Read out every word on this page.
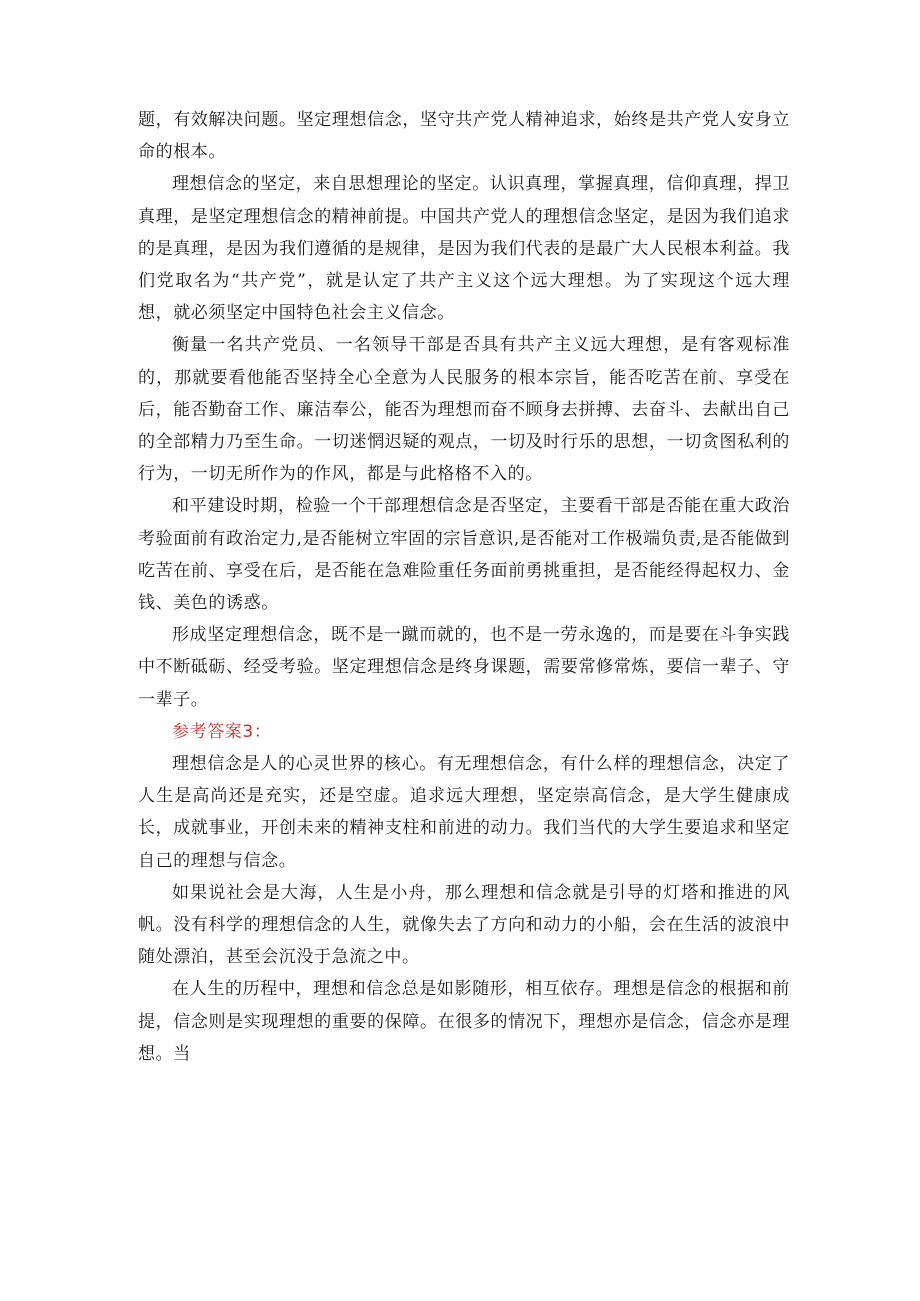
题，有效解决问题。坚定理想信念，坚守共产党人精神追求，始终是共产党人安身立命的根本。

理想信念的坚定，来自思想理论的坚定。认识真理，掌握真理，信仰真理，捍卫真理，是坚定理想信念的精神前提。中国共产党人的理想信念坚定，是因为我们追求的是真理，是因为我们遵循的是规律，是因为我们代表的是最广大人民根本利益。我们党取名为“共产党”，就是认定了共产主义这个远大理想。为了实现这个远大理想，就必须坚定中国特色社会主义信念。

衡量一名共产党员、一名领导干部是否具有共产主义远大理想，是有客观标准的，那就要看他能否坚持全心全意为人民服务的根本宗旨，能否吃苦在前、享受在后，能否勤奋工作、廉洁奉公，能否为理想而奋不顾身去拼搏、去奋斗、去献出自己的全部精力乃至生命。一切迷惘迟疑的观点，一切及时行乐的思想，一切贪图私利的行为，一切无所作为的作风，都是与此格格不入的。

和平建设时期，检验一个干部理想信念是否坚定，主要看干部是否能在重大政治考验面前有政治定力,是否能树立牢固的宗旨意识,是否能对工作极端负责,是否能做到吃苦在前、享受在后，是否能在急难险重任务面前勇挑重担，是否能经得起权力、金钱、美色的诱惑。

形成坚定理想信念，既不是一蹴而就的，也不是一劳永逸的，而是要在斗争实践中不断砥砺、经受考验。坚定理想信念是终身课题，需要常修常炼，要信一辈子、守一辈子。

参考答案3：

理想信念是人的心灵世界的核心。有无理想信念，有什么样的理想信念，决定了人生是高尚还是充实，还是空虚。追求远大理想，坚定崇高信念，是大学生健康成长，成就事业，开创未来的精神支柱和前进的动力。我们当代的大学生要追求和坚定自己的理想与信念。

如果说社会是大海，人生是小舟，那么理想和信念就是引导的灯塔和推进的风帆。没有科学的理想信念的人生，就像失去了方向和动力的小船，会在生活的波浪中随处漂泊，甚至会沉没于急流之中。

在人生的历程中，理想和信念总是如影随形，相互依存。理想是信念的根据和前提，信念则是实现理想的重要的保障。在很多的情况下，理想亦是信念，信念亦是理想。当
